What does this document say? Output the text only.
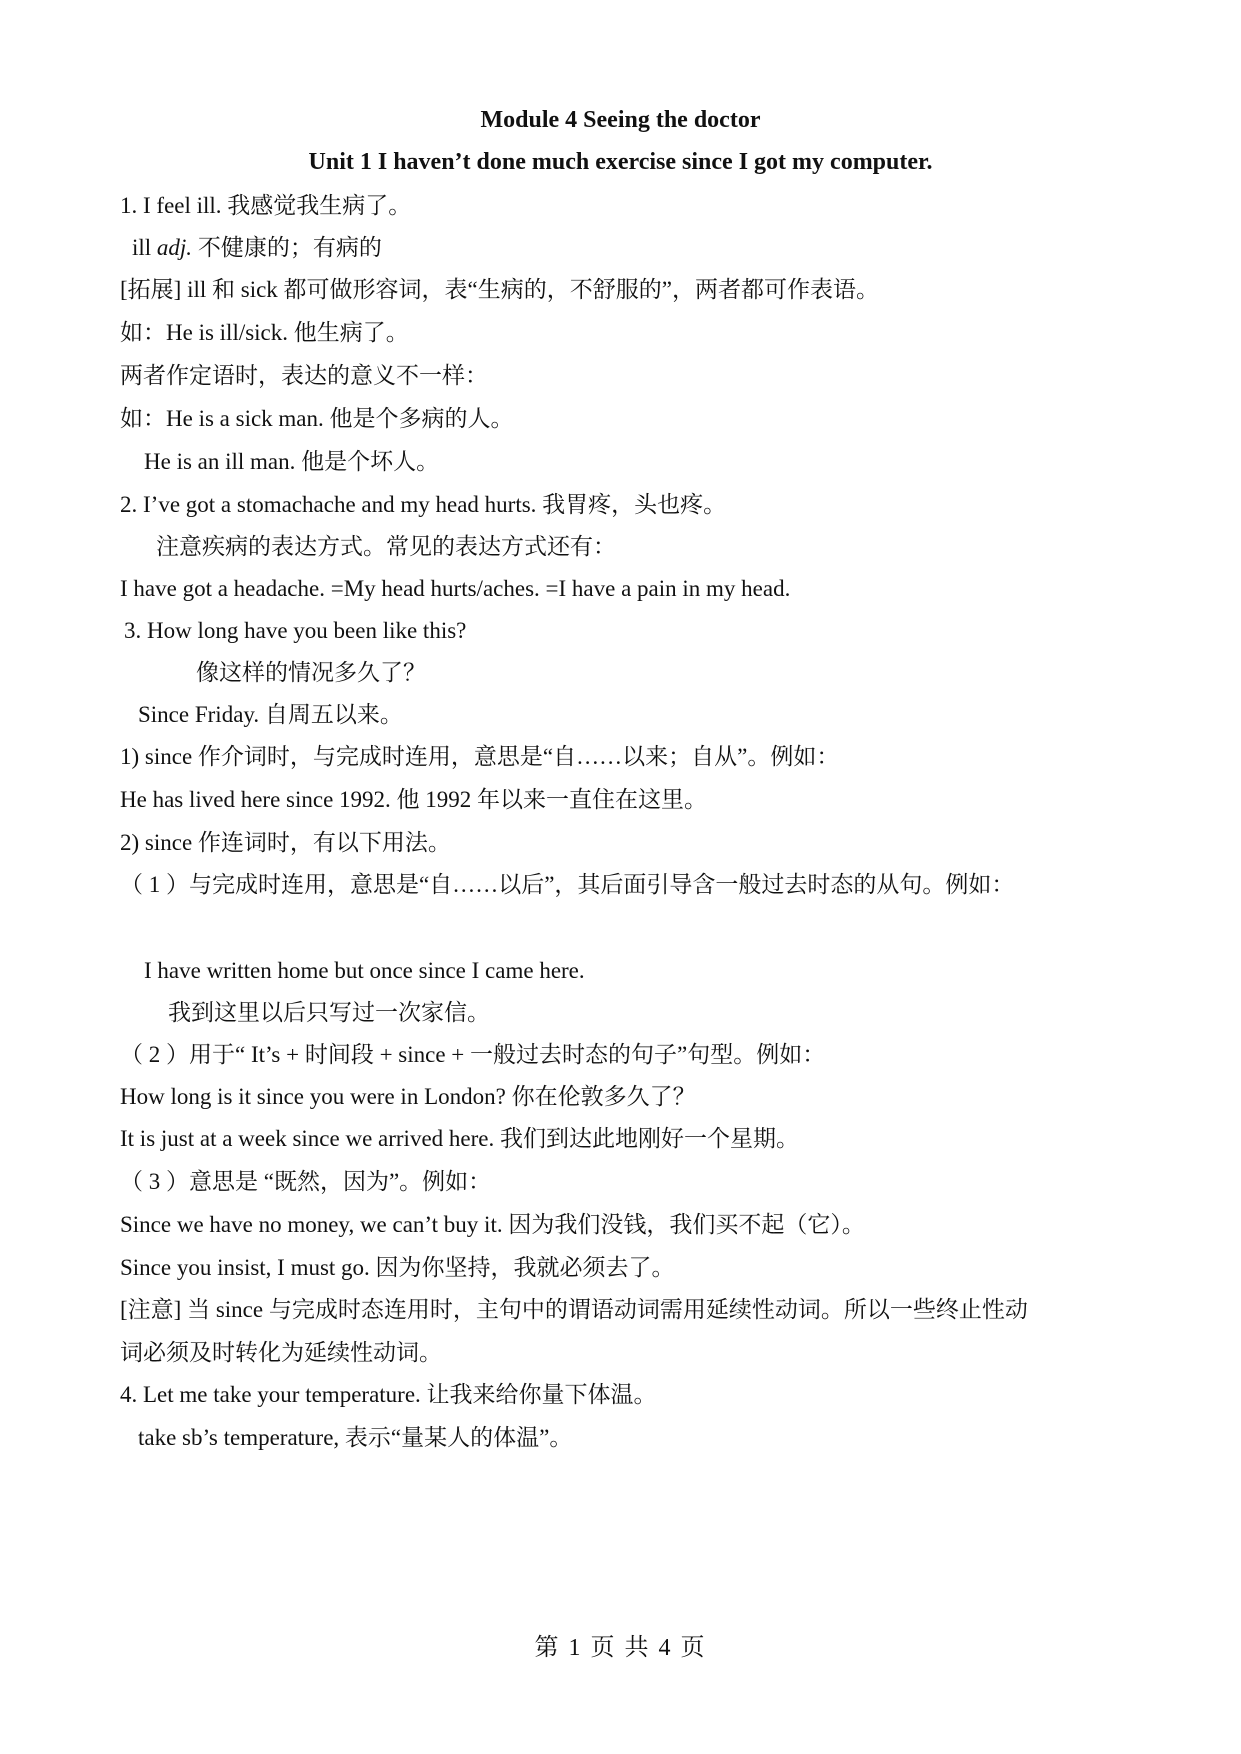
Module 4 Seeing the doctor
Unit 1 I haven’t done much exercise since I got my computer.
1. I feel ill. 我感觉我生病了。
ill adj. 不健康的；有病的
[拓展] ill 和 sick 都可做形容词，表“生病的，不舒服的”，两者都可作表语。
如：He is ill/sick. 他生病了。
两者作定语时，表达的意义不一样：
如：He is a sick man. 他是个多病的人。
He is an ill man. 他是个坏人。
2. I’ve got a stomachache and my head hurts. 我胃疼，头也疼。
注意疾病的表达方式。常见的表达方式还有：
I have got a headache. =My head hurts/aches. =I have a pain in my head.
3. How long have you been like this?
像这样的情况多久了？
Since Friday. 自周五以来。
1) since 作介词时，与完成时连用，意思是“自……以来；自从”。例如：
He has lived here since 1992. 他 1992 年以来一直住在这里。
2) since 作连词时，有以下用法。
（ 1 ）与完成时连用，意思是“自……以后”，其后面引导含一般过去时态的从句。例如：
I have written home but once since I came here.
我到这里以后只写过一次家信。
（ 2 ）用于“ It’s + 时间段 + since + 一般过去时态的句子”句型。例如：
How long is it since you were in London? 你在伦敦多久了？
It is just at a week since we arrived here. 我们到达此地刚好一个星期。
（ 3 ）意思是 “既然，因为”。例如：
Since we have no money, we can’t buy it. 因为我们没钱，我们买不起（它）。
Since you insist, I must go. 因为你坚持，我就必须去了。
[注意] 当 since 与完成时态连用时，主句中的谓语动词需用延续性动词。所以一些终止性动
词必须及时转化为延续性动词。
4. Let me take your temperature. 让我来给你量下体温。
take sb’s temperature, 表示“量某人的体温”。
第 1 页 共 4 页
